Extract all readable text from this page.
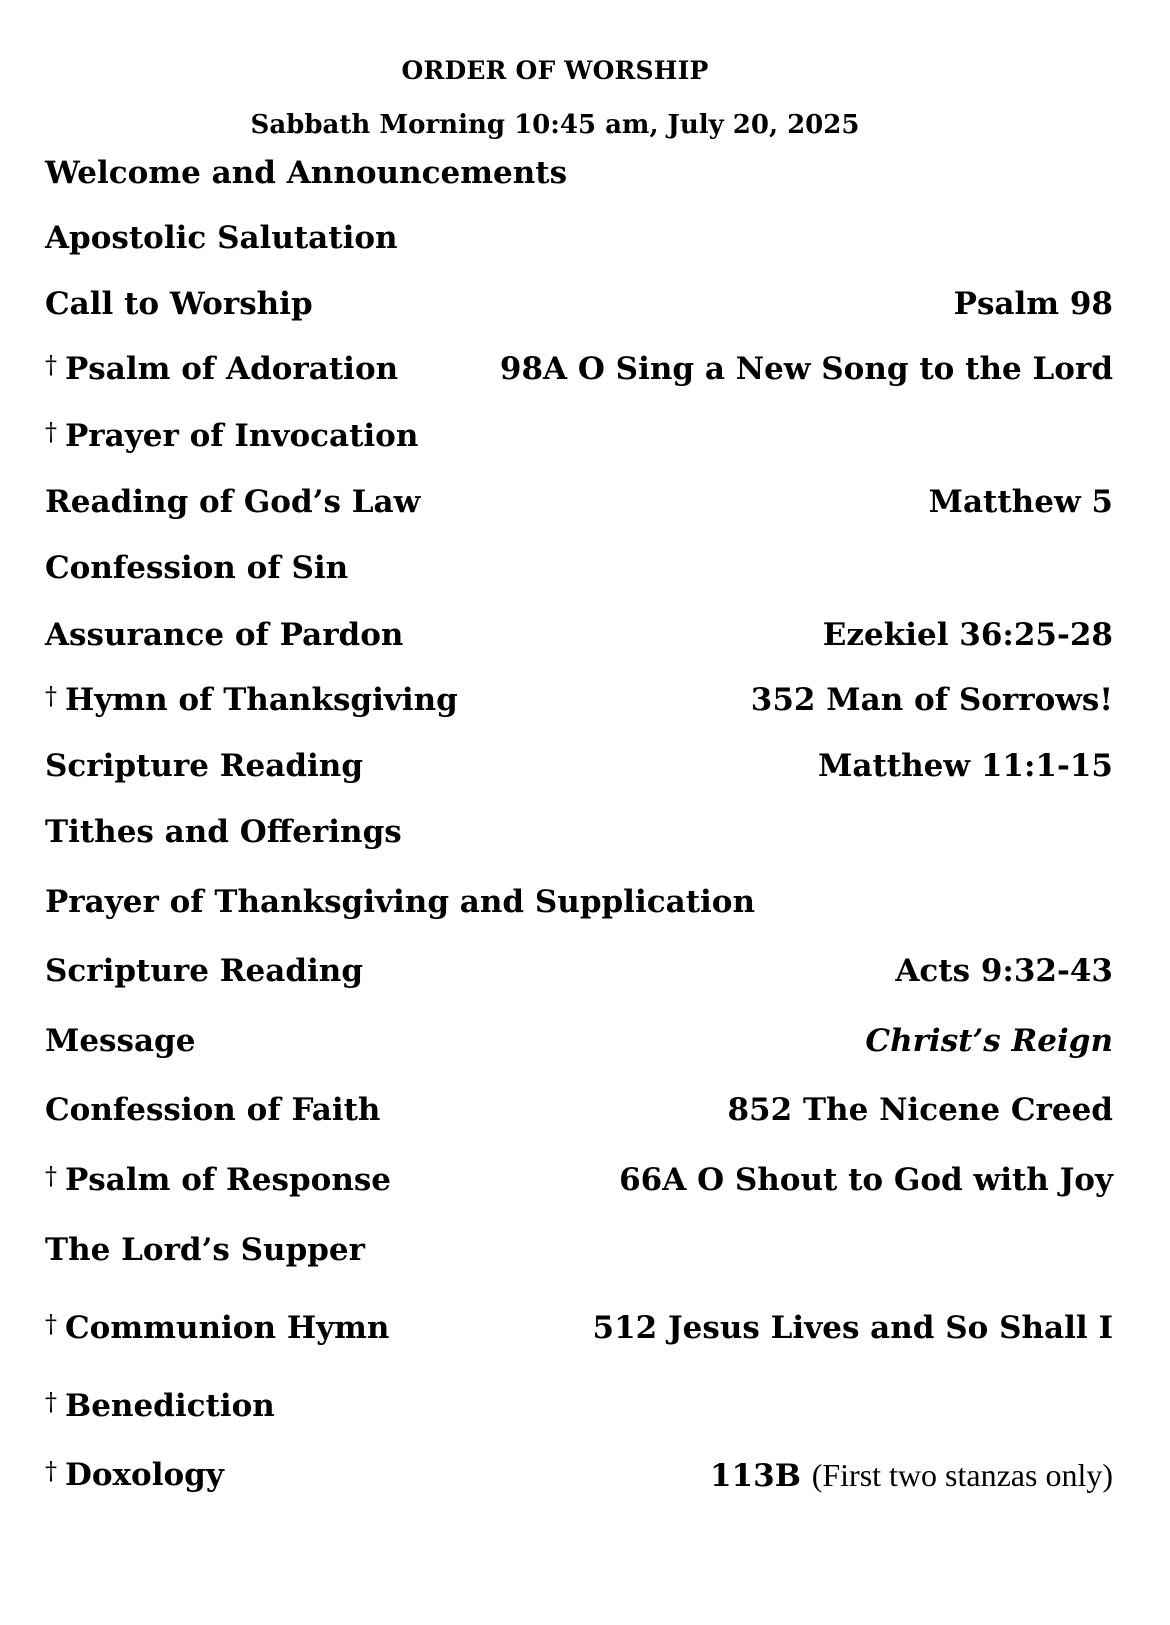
ORDER OF WORSHIP
Sabbath Morning 10:45 am, July 20, 2025
Welcome and Announcements
Apostolic Salutation
Call to Worship	Psalm 98
† Psalm of Adoration	98A O Sing a New Song to the Lord
† Prayer of Invocation
Reading of God’s Law	Matthew 5
Confession of Sin
Assurance of Pardon	Ezekiel 36:25-28
† Hymn of Thanksgiving	352 Man of Sorrows!
Scripture Reading	Matthew 11:1-15
Tithes and Offerings
Prayer of Thanksgiving and Supplication
Scripture Reading	Acts 9:32-43
Message	Christ’s Reign
Confession of Faith	852 The Nicene Creed
† Psalm of Response	66A O Shout to God with Joy
The Lord’s Supper
† Communion Hymn	512 Jesus Lives and So Shall I
† Benediction
† Doxology	113B (First two stanzas only)
